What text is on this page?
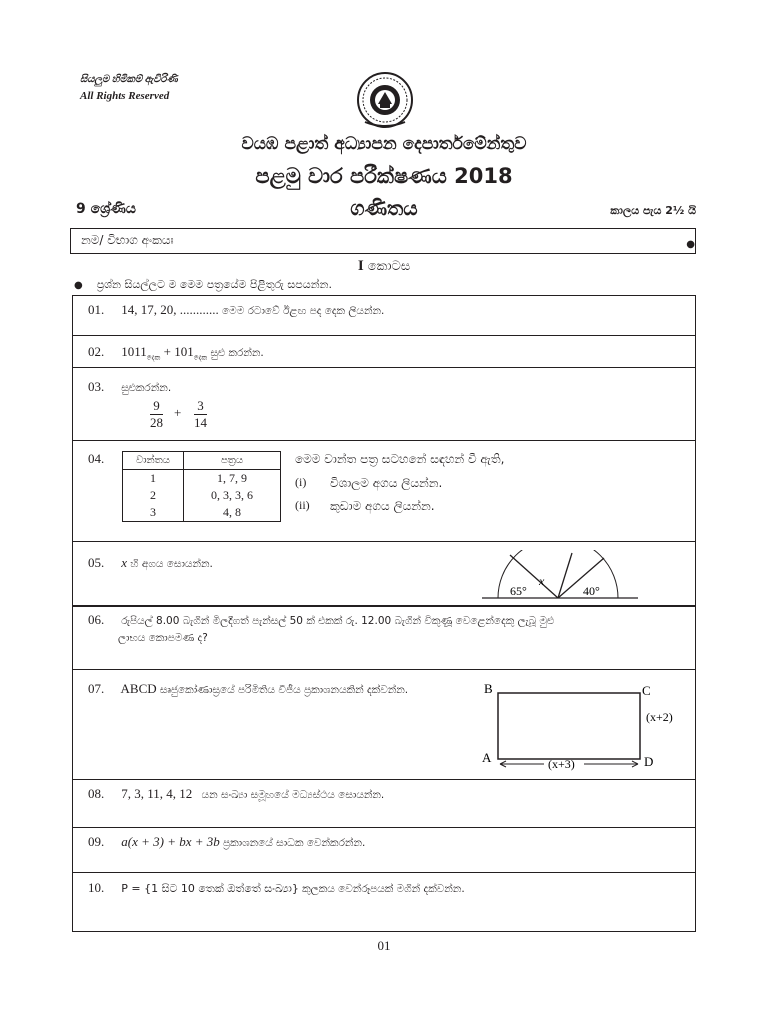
සියලුම හිමිකම් ඇවිරිණි
All Rights Reserved
වයඹ පළාත් අධ්‍යාපන දෙපාර්තමේන්තුව
පළමු වාර පරීක්ෂණය 2018
9 ශ්‍රේණිය	ගණිතය	කාලය පැය 2½ යි
නම/ විභාග අංකයඃ	●
I කොටස
● ප්‍රශ්න සියල්ලට ම මෙම පත්‍රයේම පිළිතුරු සපයන්න.
01. 14, 17, 20, ............ මෙම රටාවේ ඊළඟ පද දෙක ලියන්න.
02. $1011_{දෙක} + 101_{දෙක}$ සුළු කරන්න.
03. සුළුකරන්න.
9
28
+ 3
14
04.	වාන්තය	පත්‍රය
1	1, 7, 9
2	0, 3, 3, 6
3	4, 8
මෙම වාන්ත පත්‍ර සටහනේ සඳහන් වී ඇති,
(i) විශාලම අගය ලියන්න.
(ii) කුඩාම අගය ලියන්න.
05. x හි අගය සොයන්න.
65°
x
40°
06. රුපියල් 8.00 බැගින් මිලදීගත් පැන්සල් 50 ක් එකක් රු. 12.00 බැගින් විකුණූ වෙළෙන්දෙකු ලැබූ මුළු
ලාභය කොපමණ ද?
07. ABCD සෘජුකෝණාස්‍රයේ පරිමිතිය වීජීය ප්‍රකාශනයකින් දක්වන්න.	B	C
A	D
(x+2)
(x+3)
08. 7, 3, 11, 4, 12 යන සංඛ්‍යා සමූහයේ මධ්‍යස්ථය සොයන්න.
09. a(x + 3) + bx + 3b ප්‍රකාශනයේ සාධක වෙන්කරන්න.
10. P = {1 සිට 10 තෙක් ඔත්තේ සංඛ්‍යා} කුලකය වෙන්රූපයක් මගින් දක්වන්න.
01
